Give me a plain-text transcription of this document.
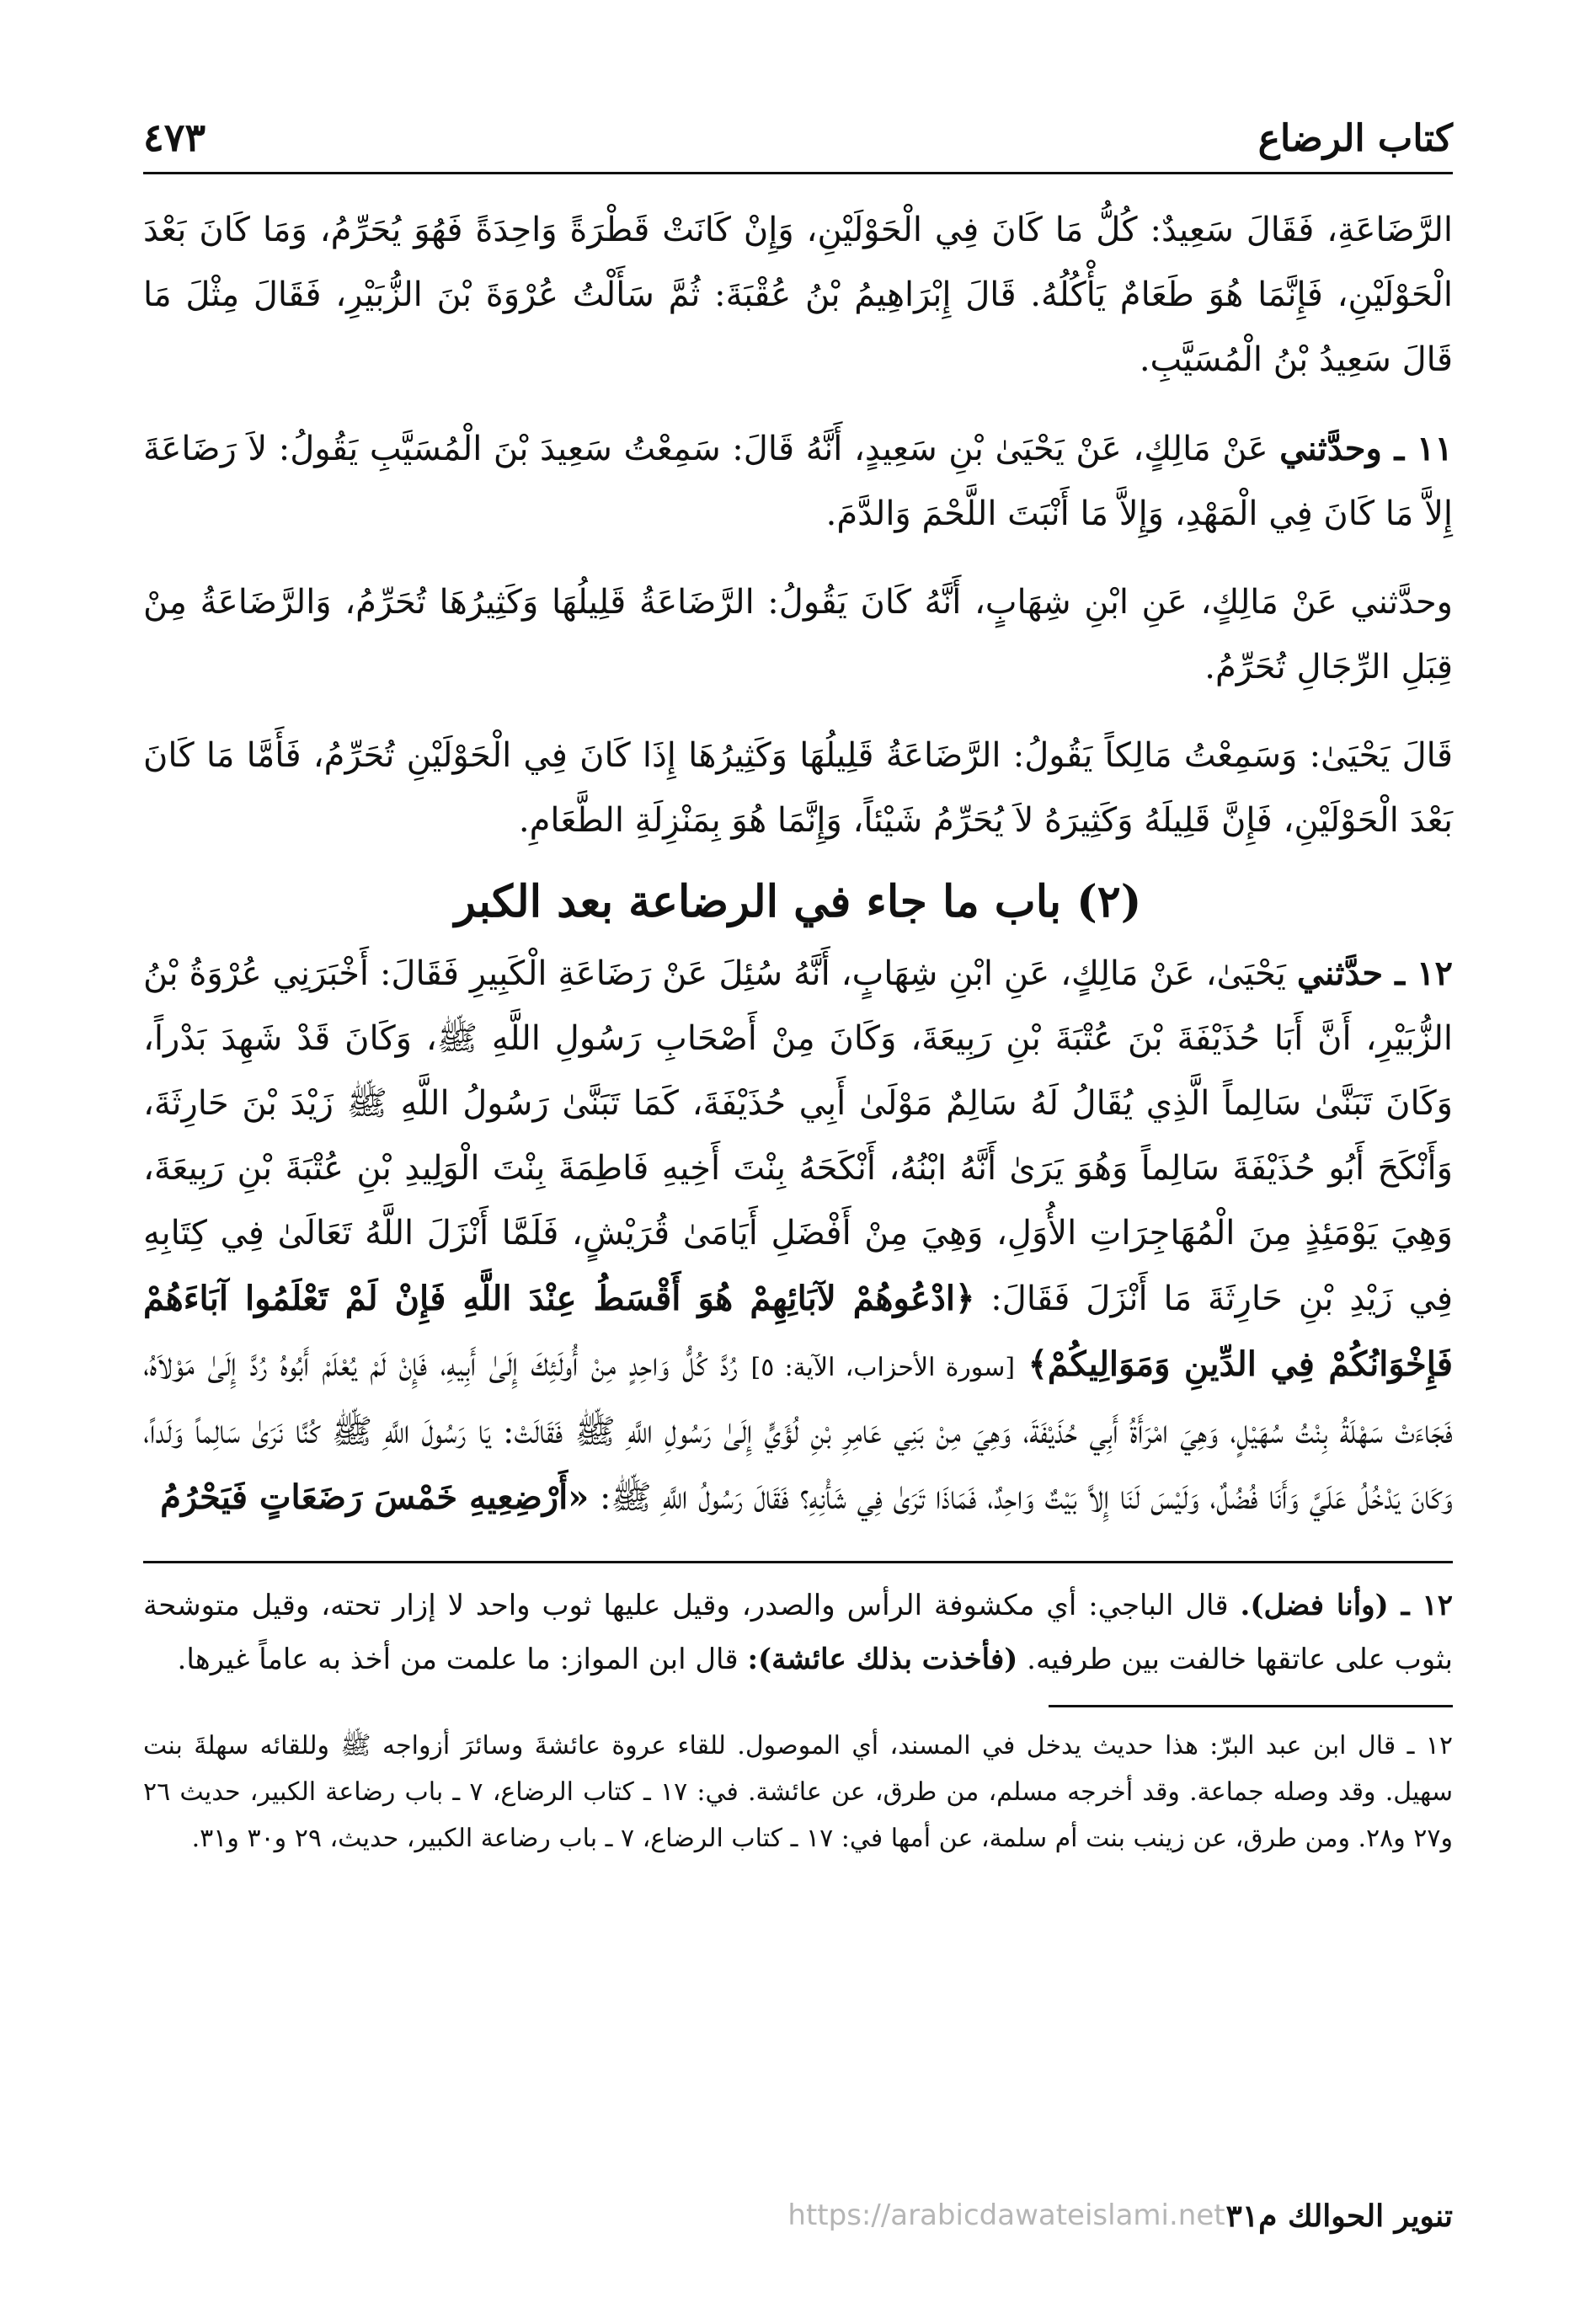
كتاب الرضاع
٤٧٣

الرَّضَاعَةِ، فَقَالَ سَعِيدٌ: كُلُّ مَا كَانَ فِي الْحَوْلَيْنِ، وَإِنْ كَانَتْ قَطْرَةً وَاحِدَةً فَهُوَ يُحَرِّمُ، وَمَا كَانَ بَعْدَ الْحَوْلَيْنِ، فَإِنَّمَا هُوَ طَعَامٌ يَأْكُلُهُ. قَالَ إِبْرَاهِيمُ بْنُ عُقْبَةَ: ثُمَّ سَأَلْتُ عُرْوَةَ بْنَ الزُّبَيْرِ، فَقَالَ مِثْلَ مَا قَالَ سَعِيدُ بْنُ الْمُسَيَّبِ.

١١ ـ وحدَّثني عَنْ مَالِكٍ، عَنْ يَحْيَىٰ بْنِ سَعِيدٍ، أَنَّهُ قَالَ: سَمِعْتُ سَعِيدَ بْنَ الْمُسَيَّبِ يَقُولُ: لاَ رَضَاعَةَ إِلاَّ مَا كَانَ فِي الْمَهْدِ، وَإِلاَّ مَا أَنْبَتَ اللَّحْمَ وَالدَّمَ.

وحدَّثني عَنْ مَالِكٍ، عَنِ ابْنِ شِهَابٍ، أَنَّهُ كَانَ يَقُولُ: الرَّضَاعَةُ قَلِيلُهَا وَكَثِيرُهَا تُحَرِّمُ، وَالرَّضَاعَةُ مِنْ قِبَلِ الرِّجَالِ تُحَرِّمُ.

قَالَ يَحْيَىٰ: وَسَمِعْتُ مَالِكاً يَقُولُ: الرَّضَاعَةُ قَلِيلُهَا وَكَثِيرُهَا إِذَا كَانَ فِي الْحَوْلَيْنِ تُحَرِّمُ، فَأَمَّا مَا كَانَ بَعْدَ الْحَوْلَيْنِ، فَإِنَّ قَلِيلَهُ وَكَثِيرَهُ لاَ يُحَرِّمُ شَيْئاً، وَإِنَّمَا هُوَ بِمَنْزِلَةِ الطَّعَامِ.

(٢) باب ما جاء في الرضاعة بعد الكبر

١٢ ـ حدَّثني يَحْيَىٰ، عَنْ مَالِكٍ، عَنِ ابْنِ شِهَابٍ، أَنَّهُ سُئِلَ عَنْ رَضَاعَةِ الْكَبِيرِ فَقَالَ: أَخْبَرَنِي عُرْوَةُ بْنُ الزُّبَيْرِ، أَنَّ أَبَا حُذَيْفَةَ بْنَ عُتْبَةَ بْنِ رَبِيعَةَ، وَكَانَ مِنْ أَصْحَابِ رَسُولِ اللَّهِ ﷺ، وَكَانَ قَدْ شَهِدَ بَدْراً، وَكَانَ تَبَنَّىٰ سَالِماً الَّذِي يُقَالُ لَهُ سَالِمٌ مَوْلَىٰ أَبِي حُذَيْفَةَ، كَمَا تَبَنَّىٰ رَسُولُ اللَّهِ ﷺ زَيْدَ بْنَ حَارِثَةَ، وَأَنْكَحَ أَبُو حُذَيْفَةَ سَالِماً وَهُوَ يَرَىٰ أَنَّهُ ابْنُهُ، أَنْكَحَهُ بِنْتَ أَخِيهِ فَاطِمَةَ بِنْتَ الْوَلِيدِ بْنِ عُتْبَةَ بْنِ رَبِيعَةَ، وَهِيَ يَوْمَئِذٍ مِنَ الْمُهَاجِرَاتِ الأُوَلِ، وَهِيَ مِنْ أَفْضَلِ أَيَامَىٰ قُرَيْشٍ، فَلَمَّا أَنْزَلَ اللَّهُ تَعَالَىٰ فِي كِتَابِهِ فِي زَيْدِ بْنِ حَارِثَةَ مَا أَنْزَلَ فَقَالَ: ﴿ادْعُوهُمْ لآبَائِهِمْ هُوَ أَقْسَطُ عِنْدَ اللَّهِ فَإِنْ لَمْ تَعْلَمُوا آبَاءَهُمْ فَإِخْوَانُكُمْ فِي الدِّينِ وَمَوَالِيكُمْ﴾ [سورة الأحزاب، الآية: ٥] رُدَّ كُلُّ وَاحِدٍ مِنْ أُولَئِكَ إِلَىٰ أَبِيهِ، فَإِنْ لَمْ يُعْلَمْ أَبُوهُ رُدَّ إِلَىٰ مَوْلاَهُ، فَجَاءَتْ سَهْلَةُ بِنْتُ سُهَيْلٍ، وَهِيَ امْرَأَةُ أَبِي حُذَيْفَةَ، وَهِيَ مِنْ بَنِي عَامِرِ بْنِ لُؤَيٍّ إِلَىٰ رَسُولِ اللَّهِ ﷺ فَقَالَتْ: يَا رَسُولَ اللَّهِ ﷺ كُنَّا نَرَىٰ سَالِماً وَلَداً، وَكَانَ يَدْخُلُ عَلَيَّ وَأَنَا فُضُلٌ، وَلَيْسَ لَنَا إِلاَّ بَيْتٌ وَاحِدٌ، فَمَاذَا تَرَىٰ فِي شَأْنِهِ؟ فَقَالَ رَسُولُ اللَّهِ ﷺ: «أَرْضِعِيهِ خَمْسَ رَضَعَاتٍ فَيَحْرُمُ

١٢ ـ (وأنا فضل). قال الباجي: أي مكشوفة الرأس والصدر، وقيل عليها ثوب واحد لا إزار تحته، وقيل متوشحة بثوب على عاتقها خالفت بين طرفيه. (فأخذت بذلك عائشة): قال ابن المواز: ما علمت من أخذ به عاماً غيرها.

١٢ ـ قال ابن عبد البرّ: هذا حديث يدخل في المسند، أي الموصول. للقاء عروة عائشةَ وسائرَ أزواجه ﷺ وللقائه سهلةَ بنت سهيل. وقد وصله جماعة. وقد أخرجه مسلم، من طرق، عن عائشة. في: ١٧ ـ كتاب الرضاع، ٧ ـ باب رضاعة الكبير، حديث ٢٦ و٢٧ و٢٨. ومن طرق، عن زينب بنت أم سلمة، عن أمها في: ١٧ ـ كتاب الرضاع، ٧ ـ باب رضاعة الكبير، حديث، ٢٩ و٣٠ و٣١.

تنوير الحوالك م٣١
https://arabicdawateislami.net
